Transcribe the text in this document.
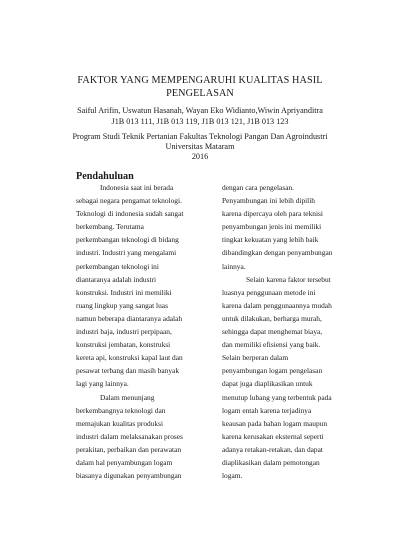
FAKTOR YANG MEMPENGARUHI KUALITAS HASIL
PENGELASAN
Saiful Arifin, Uswatun Hasanah, Wayan Eko Widianto,Wiwin Apriyanditra
J1B 013 111, J1B 013 119, J1B 013 121, J1B 013 123
Program Studi Teknik Pertanian Fakultas Teknologi Pangan Dan Agroindustri
Universitas Mataram
2016
Pendahuluan
Indonesia saat ini berada
sebagai negara pengamat teknologi.
Teknologi di indonesia sudah sangat
berkembang. Terutama
perkembangan teknologi di bidang
industri. Industri yang mengalami
perkembangan teknologi ini
diantaranya adalah industri
konstruksi. Industri ini memiliki
ruang lingkup yang sangat luas
namun beberapa diantaranya adalah
industri baja, industri perpipaan,
konstruksi jembatan, konstruksi
kereta api, konstruksi kapal laut dan
pesawat terbang dan masih banyak
lagi yang lainnya.
Dalam menunjang
berkembangnya teknologi dan
memajukan kualitas produksi
industri dalam melaksanakan proses
perakitan, perbaikan dan perawatan
dalam hal penyambungan logam
biasanya digunakan penyambungan
dengan cara pengelasan.
Penyambungan ini lebih dipilih
karena dipercaya oleh para teknisi
penyambungan jenis ini memiliki
tingkat kekuatan yang lebih baik
dibandingkan dengan penyambungan
lainnya.
Selain karena faktor tersebut
luasnya penggunaan metode ini
karena dalam penggunaannya mudah
untuk dilakukan, berharga murah,
sehingga dapat menghemat biaya,
dan memiliki efisiensi yang baik.
Selain berperan dalam
penyambungan logam pengelasan
dapat juga diaplikasikan untuk
menutup lubang yang terbentuk pada
logam entah karena terjadinya
keausan pada bahan logam maupun
karena kerusakan eksternal seperti
adanya retakan-retakan, dan dapat
diaplikasikan dalam pemotongan
logam.
